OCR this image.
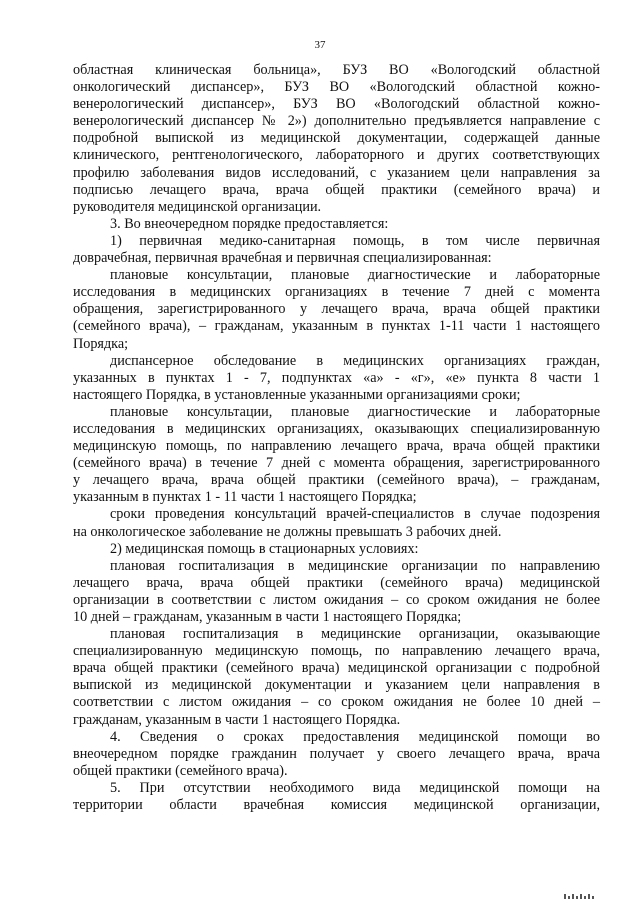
37
областная клиническая больница», БУЗ ВО «Вологодский областной
онкологический диспансер», БУЗ ВО «Вологодский областной кожно-
венерологический диспансер», БУЗ ВО «Вологодский областной кожно-
венерологический диспансер № 2») дополнительно предъявляется направление с
подробной выпиской из медицинской документации, содержащей данные
клинического, рентгенологического, лабораторного и других соответствующих
профилю заболевания видов исследований, с указанием цели направления за
подписью лечащего врача, врача общей практики (семейного врача) и
руководителя медицинской организации.
3. Во внеочередном порядке предоставляется:
1) первичная медико-санитарная помощь, в том числе первичная
доврачебная, первичная врачебная и первичная специализированная:
плановые консультации, плановые диагностические и лабораторные
исследования в медицинских организациях в течение 7 дней с момента
обращения, зарегистрированного у лечащего врача, врача общей практики
(семейного врача), – гражданам, указанным в пунктах 1-11 части 1 настоящего
Порядка;
диспансерное обследование в медицинских организациях граждан,
указанных в пунктах 1 - 7, подпунктах «а» - «г», «е» пункта 8 части 1
настоящего Порядка, в установленные указанными организациями сроки;
плановые консультации, плановые диагностические и лабораторные
исследования в медицинских организациях, оказывающих специализированную
медицинскую помощь, по направлению лечащего врача, врача общей практики
(семейного врача) в течение 7 дней с момента обращения, зарегистрированного
у лечащего врача, врача общей практики (семейного врача), – гражданам,
указанным в пунктах 1 - 11 части 1 настоящего Порядка;
сроки проведения консультаций врачей-специалистов в случае подозрения
на онкологическое заболевание не должны превышать 3 рабочих дней.
2) медицинская помощь в стационарных условиях:
плановая госпитализация в медицинские организации по направлению
лечащего врача, врача общей практики (семейного врача) медицинской
организации в соответствии с листом ожидания – со сроком ожидания не более
10 дней – гражданам, указанным в части 1 настоящего Порядка;
плановая госпитализация в медицинские организации, оказывающие
специализированную медицинскую помощь, по направлению лечащего врача,
врача общей практики (семейного врача) медицинской организации с подробной
выпиской из медицинской документации и указанием цели направления в
соответствии с листом ожидания – со сроком ожидания не более 10 дней –
гражданам, указанным в части 1 настоящего Порядка.
4. Сведения о сроках предоставления медицинской помощи во
внеочередном порядке гражданин получает у своего лечащего врача, врача
общей практики (семейного врача).
5. При отсутствии необходимого вида медицинской помощи на
территории области врачебная комиссия медицинской организации,
